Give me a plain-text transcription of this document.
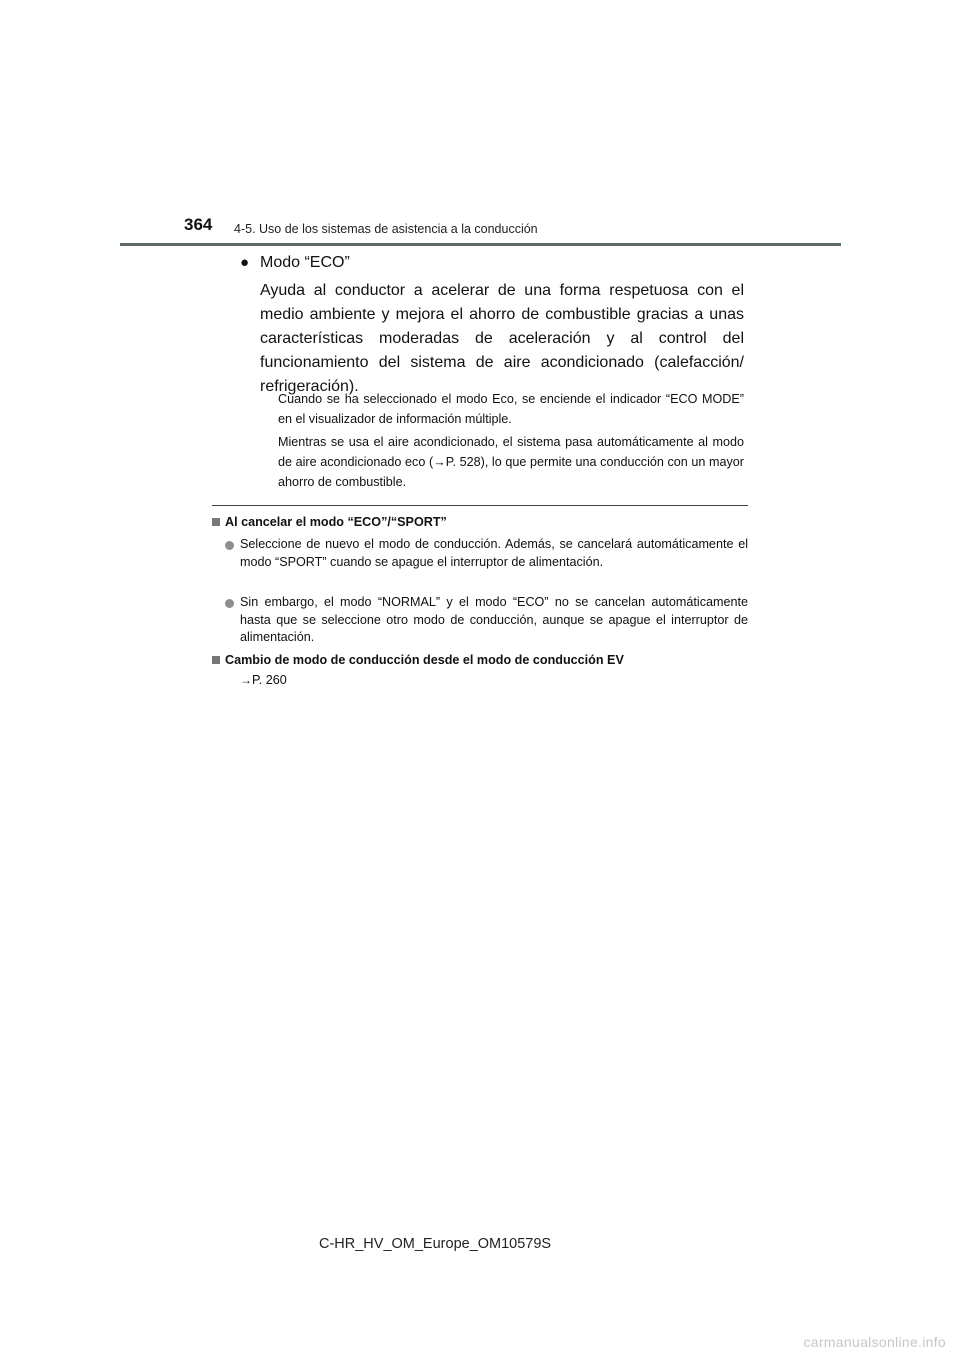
364 4-5. Uso de los sistemas de asistencia a la conducción
● Modo “ECO”
Ayuda al conductor a acelerar de una forma respetuosa con el medio ambiente y mejora el ahorro de combustible gracias a unas características moderadas de aceleración y al control del funcionamiento del sistema de aire acondicionado (calefacción/ refrigeración).
Cuando se ha seleccionado el modo Eco, se enciende el indicador “ECO MODE” en el visualizador de información múltiple.
Mientras se usa el aire acondicionado, el sistema pasa automáticamente al modo de aire acondicionado eco (→P. 528), lo que permite una conducción con un mayor ahorro de combustible.
Al cancelar el modo “ECO”/“SPORT”
Seleccione de nuevo el modo de conducción. Además, se cancelará automáticamente el modo “SPORT” cuando se apague el interruptor de alimentación.
Sin embargo, el modo “NORMAL” y el modo “ECO” no se cancelan automáticamente hasta que se seleccione otro modo de conducción, aunque se apague el interruptor de alimentación.
Cambio de modo de conducción desde el modo de conducción EV
→P. 260
C-HR_HV_OM_Europe_OM10579S
carmanualsonline.info
